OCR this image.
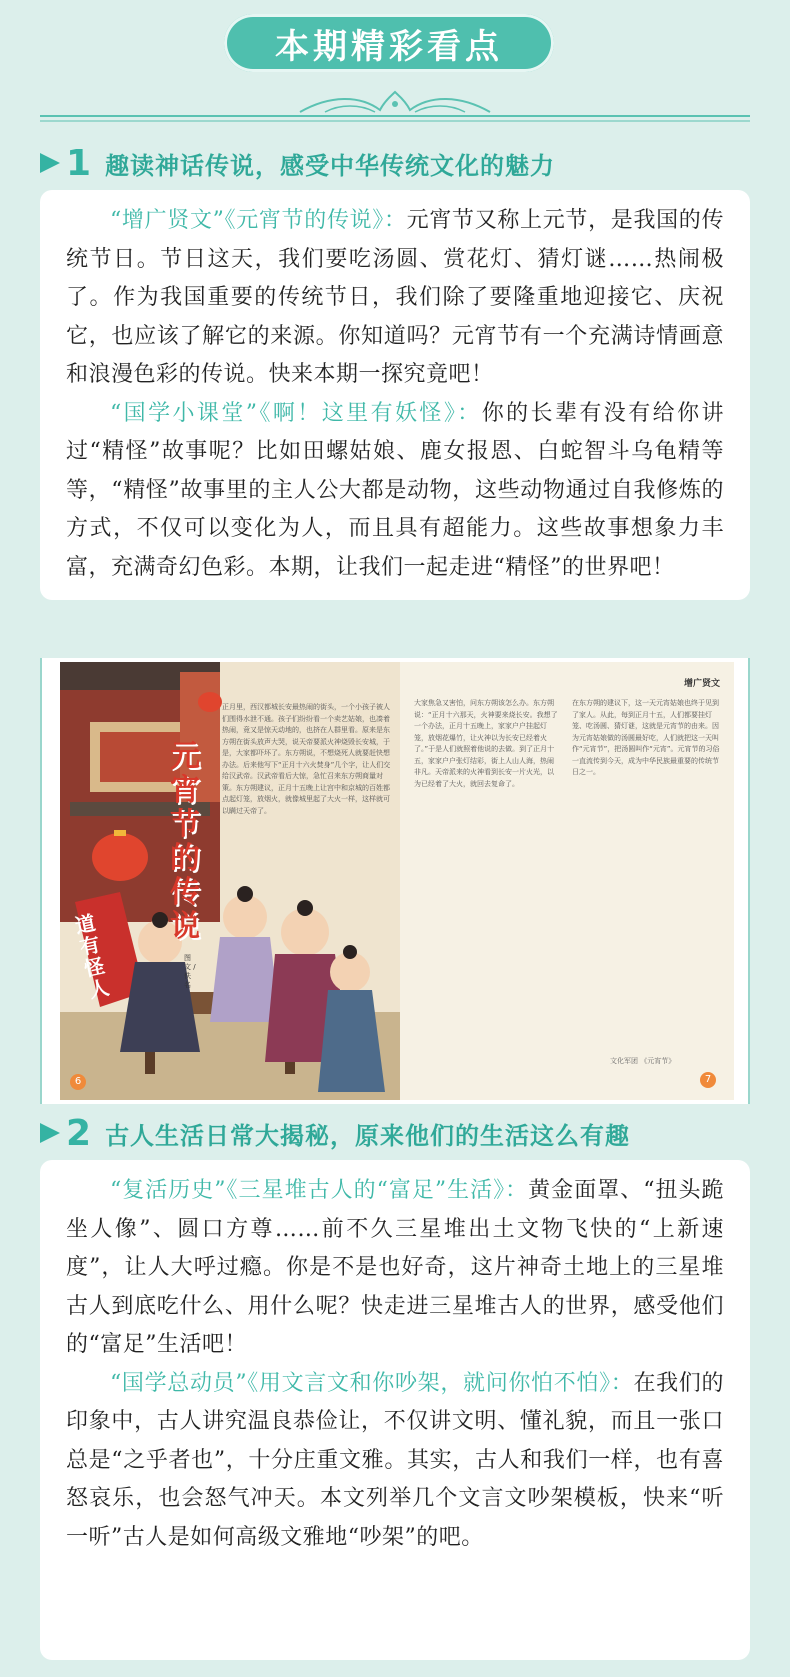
本期精彩看点
1 趣读神话传说，感受中华传统文化的魅力

“增广贤文”《元宵节的传说》：元宵节又称上元节，是我国的传统节日。节日这天，我们要吃汤圆、赏花灯、猜灯谜……热闹极了。作为我国重要的传统节日，我们除了要隆重地迎接它、庆祝它，也应该了解它的来源。你知道吗？元宵节有一个充满诗情画意和浪漫色彩的传说。快来本期一探究竟吧！

“国学小课堂”《啊！这里有妖怪》：你的长辈有没有给你讲过“精怪”故事呢？比如田螺姑娘、鹿女报恩、白蛇智斗乌龟精等等，“精怪”故事里的主人公大都是动物，这些动物通过自我修炼的方式，不仅可以变化为人，而且具有超能力。这些故事想象力丰富，充满奇幻色彩。本期，让我们一起走进“精怪”的世界吧！

元宵节的传说
图 文 / 佚 名
道有怪人
正月里，西汉都城长安最热闹的街头，一个小孩子被人们围得水泄不通。孩子们纷纷看一个卖艺姑娘，也凑着热闹，竟又是惊天动地的，也挤在人群里看。原来是东方朔在街头放声大哭，说天帝要派火神烧毁长安城，于是，大家都吓坏了。东方朔说，不想烧死人就要赶快想办法。后来他写下“正月十六火焚身”几个字，让人们交给汉武帝。汉武帝看后大惊，急忙召来东方朔商量对策。东方朔建议，正月十五晚上让宫中和京城的百姓都点起灯笼，放烟火，就像城里起了大火一样，这样就可以瞒过天帝了。
6
增广贤文
大家焦急又害怕，问东方朔该怎么办。东方朔说：“正月十六那天，火神要来烧长安。我想了一个办法，正月十五晚上，家家户户挂起灯笼，放烟花爆竹，让火神以为长安已经着火了。”于是人们就照着他说的去做。到了正月十五，家家户户张灯结彩，街上人山人海，热闹非凡。天帝派来的火神看到长安一片火光，以为已经着了大火，就回去复命了。
在东方朔的建议下，这一天元宵姑娘也终于见到了家人。从此，每到正月十五，人们都要挂灯笼、吃汤圆、猜灯谜，这就是元宵节的由来。因为元宵姑娘做的汤圆最好吃，人们就把这一天叫作“元宵节”，把汤圆叫作“元宵”。元宵节的习俗一直流传到今天，成为中华民族最重要的传统节日之一。
文化军团 《元宵节》
7
2 古人生活日常大揭秘，原来他们的生活这么有趣

“复活历史”《三星堆古人的“富足”生活》：黄金面罩、“扭头跪坐人像”、圆口方尊……前不久三星堆出土文物飞快的“上新速度”，让人大呼过瘾。你是不是也好奇，这片神奇土地上的三星堆古人到底吃什么、用什么呢？快走进三星堆古人的世界，感受他们的“富足”生活吧！

“国学总动员”《用文言文和你吵架，就问你怕不怕》：在我们的印象中，古人讲究温良恭俭让，不仅讲文明、懂礼貌，而且一张口总是“之乎者也”，十分庄重文雅。其实，古人和我们一样，也有喜怒哀乐，也会怒气冲天。本文列举几个文言文吵架模板，快来“听一听”古人是如何高级文雅地“吵架”的吧。
